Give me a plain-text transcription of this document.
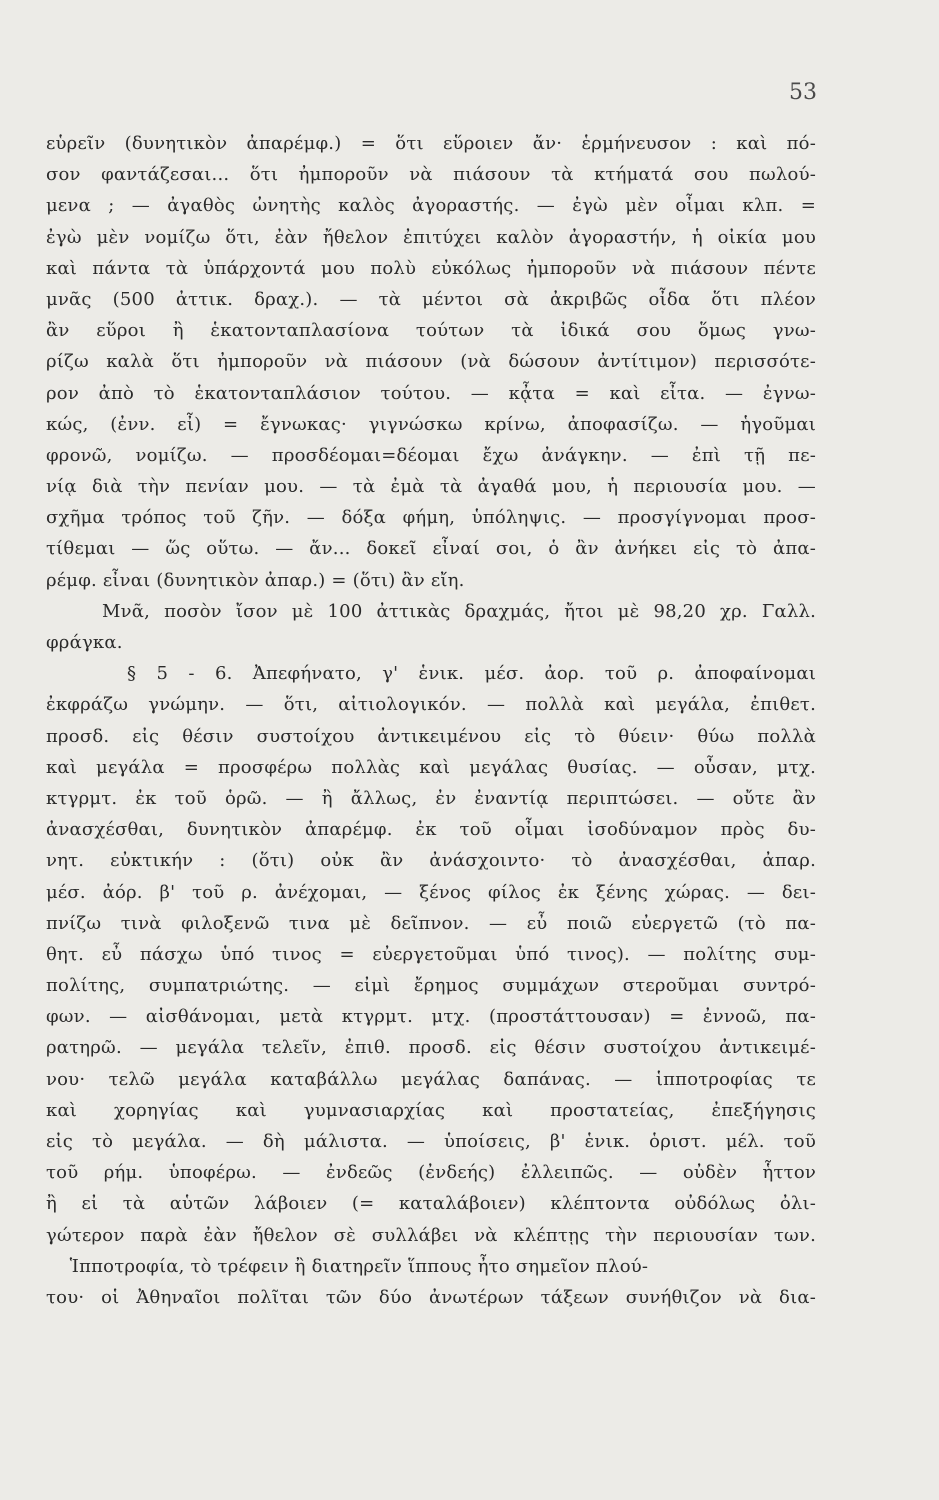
53
εὑρεῖν (δυνητικὸν ἀπαρέμφ.) = ὅτι εὕροιεν ἄν· ἑρμήνευσον : καὶ πό-
σον φαντάζεσαι... ὅτι ἠμποροῦν νὰ πιάσουν τὰ κτήματά σου πωλού-
μενα ; — ἀγαθὸς ὠνητὴς καλὸς ἀγοραστής. — ἐγὼ μὲν οἶμαι κλπ. =
ἐγὼ μὲν νομίζω ὅτι, ἐὰν ἤθελον ἐπιτύχει καλὸν ἀγοραστήν, ἡ οἰκία μου
καὶ πάντα τὰ ὑπάρχοντά μου πολὺ εὐκόλως ἠμποροῦν νὰ πιάσουν πέντε
μνᾶς (500 ἀττικ. δραχ.). — τὰ μέντοι σὰ ἀκριβῶς οἶδα ὅτι πλέον
ἂν εὕροι ἢ ἑκατονταπλασίονα τούτων τὰ ἰδικά σου ὅμως γνω-
ρίζω καλὰ ὅτι ἠμποροῦν νὰ πιάσουν (νὰ δώσουν ἀντίτιμον) περισσότε-
ρον ἀπὸ τὸ ἑκατονταπλάσιον τούτου. — κᾆτα = καὶ εἶτα. — ἐγνω-
κώς, (ἐνν. εἶ) = ἔγνωκας· γιγνώσκω κρίνω, ἀποφασίζω. — ἡγοῦμαι
φρονῶ, νομίζω. — προσδέομαι=δέομαι ἔχω ἀνάγκην. — ἐπὶ τῇ πε-
νίᾳ διὰ τὴν πενίαν μου. — τὰ ἐμὰ τὰ ἀγαθά μου, ἡ περιουσία μου. —
σχῆμα τρόπος τοῦ ζῆν. — δόξα φήμη, ὑπόληψις. — προσγίγνομαι προσ-
τίθεμαι — ὥς οὕτω. — ἄν... δοκεῖ εἶναί σοι, ὁ ἂν ἀνήκει εἰς τὸ ἀπα-
ρέμφ. εἶναι (δυνητικὸν ἀπαρ.) = (ὅτι) ἂν εἴη.
Μνᾶ, ποσὸν ἴσον μὲ 100 ἀττικὰς δραχμάς, ἤτοι μὲ 98,20 χρ. Γαλλ.
φράγκα.
§ 5 - 6. Ἀπεφήνατο, γ' ἑνικ. μέσ. ἀορ. τοῦ ρ. ἀποφαίνομαι
ἐκφράζω γνώμην. — ὅτι, αἰτιολογικόν. — πολλὰ καὶ μεγάλα, ἐπιθετ.
προσδ. εἰς θέσιν συστοίχου ἀντικειμένου εἰς τὸ θύειν· θύω πολλὰ
καὶ μεγάλα = προσφέρω πολλὰς καὶ μεγάλας θυσίας. — οὖσαν, μτχ.
κτγρμτ. ἐκ τοῦ ὁρῶ. — ἢ ἄλλως, ἐν ἐναντίᾳ περιπτώσει. — οὔτε ἂν
ἀνασχέσθαι, δυνητικὸν ἀπαρέμφ. ἐκ τοῦ οἶμαι ἰσοδύναμον πρὸς δυ-
νητ. εὐκτικήν : (ὅτι) οὐκ ἂν ἀνάσχοιντο· τὸ ἀνασχέσθαι, ἀπαρ.
μέσ. ἀόρ. β' τοῦ ρ. ἀνέχομαι, — ξένος φίλος ἐκ ξένης χώρας. — δει-
πνίζω τινὰ φιλοξενῶ τινα μὲ δεῖπνον. — εὖ ποιῶ εὐεργετῶ (τὸ πα-
θητ. εὖ πάσχω ὑπό τινος = εὐεργετοῦμαι ὑπό τινος). — πολίτης συμ-
πολίτης, συμπατριώτης. — εἰμὶ ἔρημος συμμάχων στεροῦμαι συντρό-
φων. — αἰσθάνομαι, μετὰ κτγρμτ. μτχ. (προστάττουσαν) = ἐννοῶ, πα-
ρατηρῶ. — μεγάλα τελεῖν, ἐπιθ. προσδ. εἰς θέσιν συστοίχου ἀντικειμέ-
νου· τελῶ μεγάλα καταβάλλω μεγάλας δαπάνας. — ἱπποτροφίας τε
καὶ χορηγίας καὶ γυμνασιαρχίας καὶ προστατείας, ἐπεξήγησις
εἰς τὸ μεγάλα. — δὴ μάλιστα. — ὑποίσεις, β' ἑνικ. ὁριστ. μέλ. τοῦ
τοῦ ρήμ. ὑποφέρω. — ἐνδεῶς (ἐνδεής) ἐλλειπῶς. — οὐδὲν ἧττον
ἢ εἰ τὰ αὑτῶν λάβοιεν (= καταλάβοιεν) κλέπτοντα οὐδόλως ὀλι-
γώτερον παρὰ ἐὰν ἤθελον σὲ συλλάβει νὰ κλέπτῃς τὴν περιουσίαν των.
Ἱπποτροφία, τὸ τρέφειν ἢ διατηρεῖν ἵππους ἦτο σημεῖον πλού-
του· οἱ Ἀθηναῖοι πολῖται τῶν δύο ἀνωτέρων τάξεων συνήθιζον νὰ δια-
